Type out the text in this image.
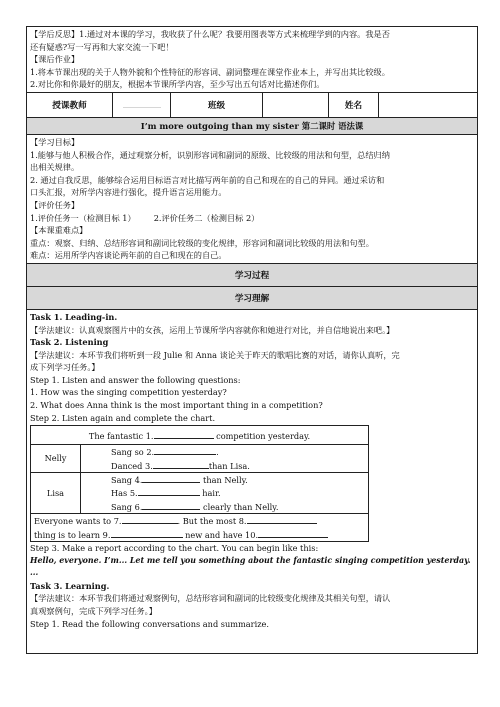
【学后反思】1.通过对本课的学习，我收获了什么呢？我要用图表等方式来梳理学到的内容。我是否
还有疑惑?写一写再和大家交流一下吧！
【课后作业】
1.将本节课出现的关于人物外貌和个性特征的形容词、副词整理在课堂作业本上，并写出其比较级。
2.对比你和你最好的朋友，根据本节课所学内容，至少写出五句话对比描述你们。

授课教师		班级		姓名	
I’m more outgoing than my sister 第二课时 语法课

【学习目标】
1.能够与他人积极合作，通过观察分析，识别形容词和副词的原级、比较级的用法和句型，总结归纳
出相关规律。
2. 通过自我反思，能够综合运用目标语言对比描写两年前的自己和现在的自己的异同。通过采访和
口头汇报，对所学内容进行强化，提升语言运用能力。
【评价任务】
1.评价任务一（检测目标 1） 2.评价任务二（检测目标 2）
【本课重难点】
重点：观察、归纳、总结形容词和副词比较级的变化规律，形容词和副词比较级的用法和句型。
难点：运用所学内容谈论两年前的自己和现在的自己。

学习过程
学习理解

Task 1. Leading-in.
【学法建议：认真观察图片中的女孩，运用上节课所学内容就你和她进行对比，并自信地说出来吧。】
Task 2. Listening
【学法建议：本环节我们将听到一段 Julie 和 Anna 谈论关于昨天的歌唱比赛的对话，请你认真听，完
成下列学习任务。】
Step 1. Listen and answer the following questions:
1. How was the singing competition yesterday?
2. What does Anna think is the most important thing in a competition?
Step 2. Listen again and complete the chart.
The fantastic 1.	competition yesterday.
Nelly	
Sang so 2.	.
Danced 3.	than Lisa.

Lisa	
Sang 4.	than Nelly.
Has 5.	hair.
Sang 6.	clearly than Nelly.

Everyone wants to 7.	. But the most 8.
thing is to learn 9.	new and have 10.
Step 3. Make a report according to the chart. You can begin like this:
Hello, everyone. I’m... Let me tell you something about the fantastic singing competition yesterday. ...
Task 3. Learning.
【学法建议：本环节我们将通过观察例句，总结形容词和副词的比较级变化规律及其相关句型，请认
真观察例句，完成下列学习任务。】
Step 1. Read the following conversations and summarize.
